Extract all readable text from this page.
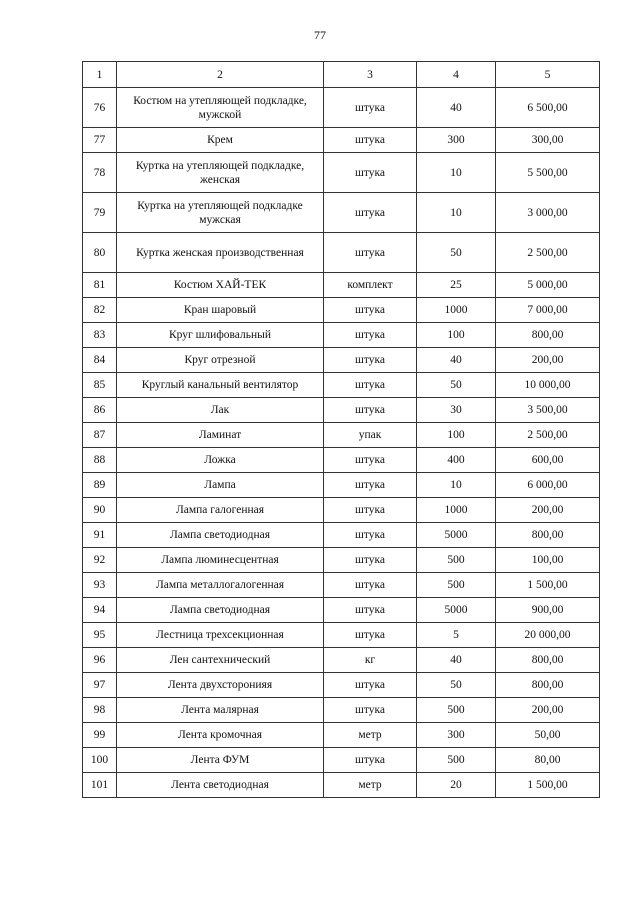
77
1	2	3	4	5
76	Костюм на утепляющей подкладке, мужской	штука	40	6 500,00
77	Крем	штука	300	300,00
78	Куртка на утепляющей подкладке, женская	штука	10	5 500,00
79	Куртка на утепляющей подкладке мужская	штука	10	3 000,00
80	Куртка женская производственная	штука	50	2 500,00
81	Костюм ХАЙ-ТЕК	комплект	25	5 000,00
82	Кран шаровый	штука	1000	7 000,00
83	Круг шлифовальный	штука	100	800,00
84	Круг отрезной	штука	40	200,00
85	Круглый канальный вентилятор	штука	50	10 000,00
86	Лак	штука	30	3 500,00
87	Ламинат	упак	100	2 500,00
88	Ложка	штука	400	600,00
89	Лампа	штука	10	6 000,00
90	Лампа галогенная	штука	1000	200,00
91	Лампа светодиодная	штука	5000	800,00
92	Лампа люминесцентная	штука	500	100,00
93	Лампа металлогалогенная	штука	500	1 500,00
94	Лампа светодиодная	штука	5000	900,00
95	Лестница трехсекционная	штука	5	20 000,00
96	Лен сантехнический	кг	40	800,00
97	Лента двухсторонияя	штука	50	800,00
98	Лента малярная	штука	500	200,00
99	Лента кромочная	метр	300	50,00
100	Лента ФУМ	штука	500	80,00
101	Лента светодиодная	метр	20	1 500,00
